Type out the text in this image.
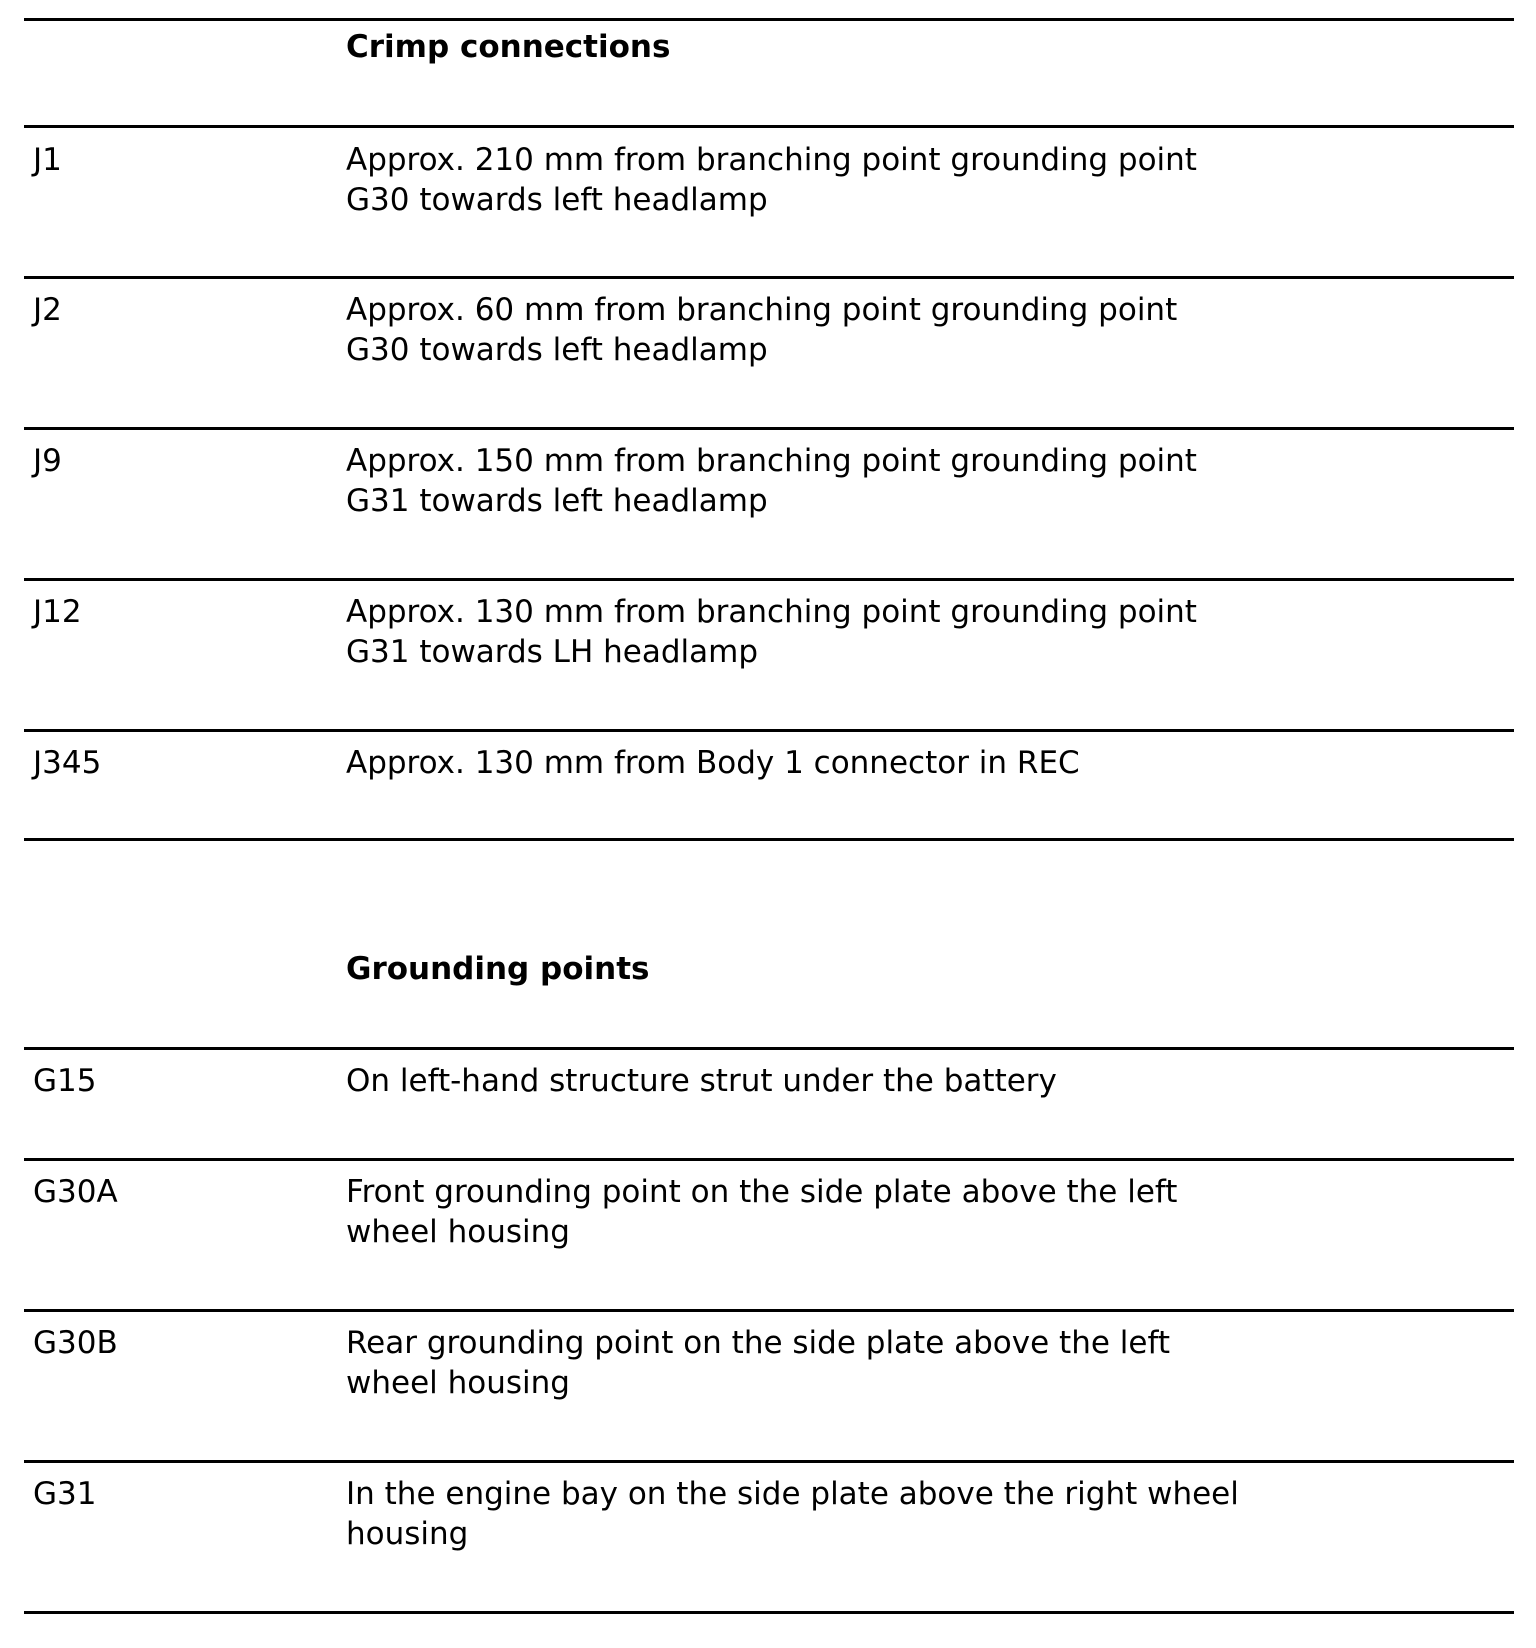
Crimp connections
J1	Approx. 210 mm from branching point grounding point
G30 towards left headlamp
J2	Approx. 60 mm from branching point grounding point
G30 towards left headlamp
J9	Approx. 150 mm from branching point grounding point
G31 towards left headlamp
J12	Approx. 130 mm from branching point grounding point
G31 towards LH headlamp
J345	Approx. 130 mm from Body 1 connector in REC
Grounding points
G15	On left-hand structure strut under the battery
G30A	Front grounding point on the side plate above the left
wheel housing
G30B	Rear grounding point on the side plate above the left
wheel housing
G31	In the engine bay on the side plate above the right wheel
housing
